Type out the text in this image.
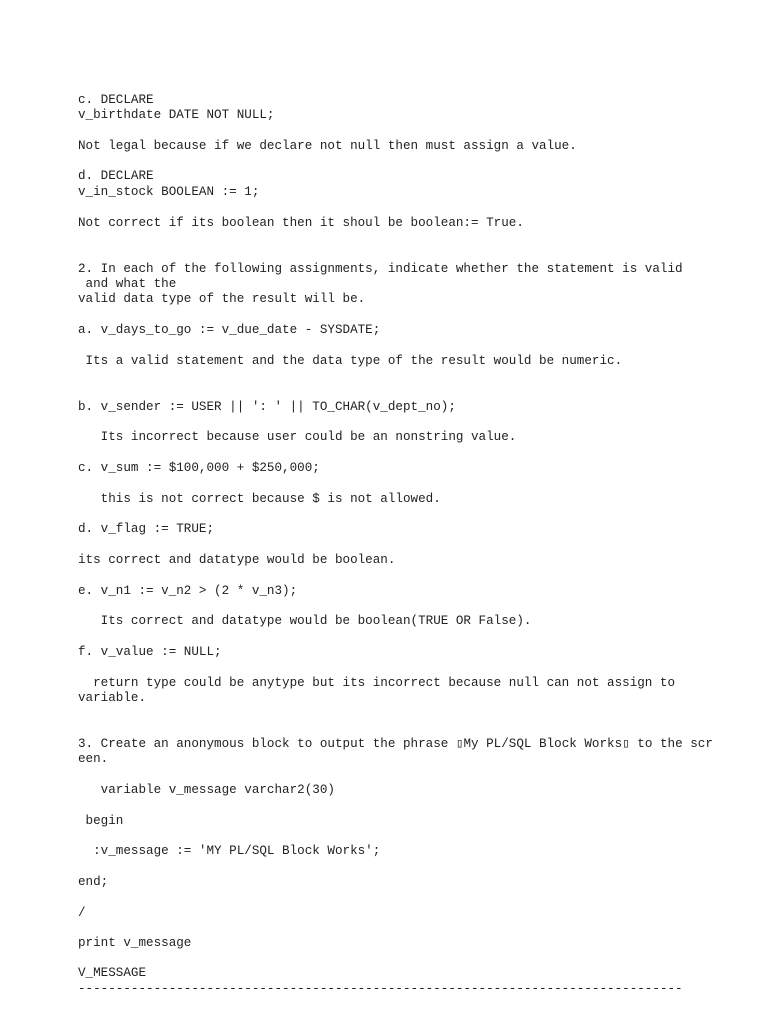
c. DECLARE

v_birthdate DATE NOT NULL;

Not legal because if we declare not null then must assign a value.

d. DECLARE

v_in_stock BOOLEAN := 1;

Not correct if its boolean then it shoul be boolean:= True.

2. In each of the following assignments, indicate whether the statement is valid

and what the

valid data type of the result will be.

a. v_days_to_go := v_due_date - SYSDATE;

Its a valid statement and the data type of the result would be numeric.

b. v_sender := USER || ': ' || TO_CHAR(v_dept_no);

Its incorrect because user could be an nonstring value.

c. v_sum := $100,000 + $250,000;

this is not correct because $ is not allowed.

d. v_flag := TRUE;

its correct and datatype would be boolean.

e. v_n1 := v_n2 > (2 * v_n3);

Its correct and datatype would be boolean(TRUE OR False).

f. v_value := NULL;

return type could be anytype but its incorrect because null can not assign to

variable.

3. Create an anonymous block to output the phrase ▯My PL/SQL Block Works▯ to the scr

een.

variable v_message varchar2(30)

begin

:v_message := 'MY PL/SQL Block Works';

end;

/

print v_message

V_MESSAGE

--------------------------------------------------------------------------------
